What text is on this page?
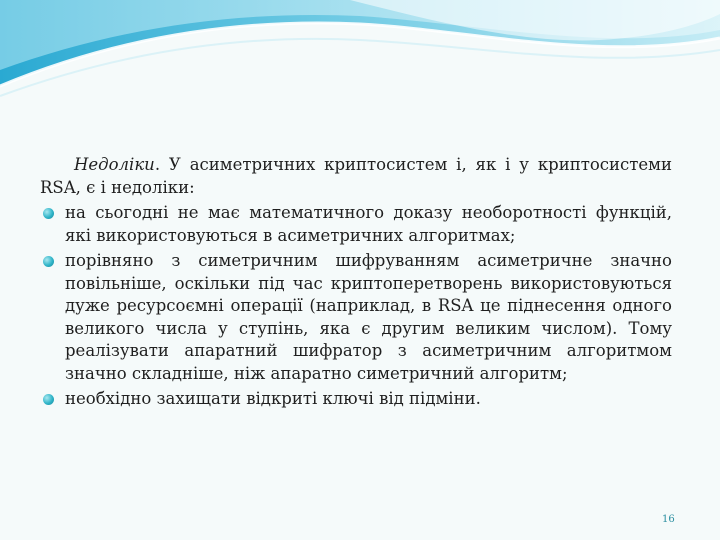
Недоліки. У асиметричних криптосистем і, як і у криптосистеми RSA, є і недоліки:

на сьогодні не має математичного доказу необоротності функцій, які використовуються в асиметричних алгоритмах;
порівняно з симетричним шифруванням асиметричне значно повільніше, оскільки під час криптоперетворень використовуються дуже ресурсоємні операції (наприклад, в RSA це піднесення одного великого числа у ступінь, яка є другим великим числом). Тому реалізувати апаратний шифратор з асиметричним алгоритмом значно складніше, ніж апаратно симетричний алгоритм;
необхідно захищати відкриті ключі від підміни.
16
